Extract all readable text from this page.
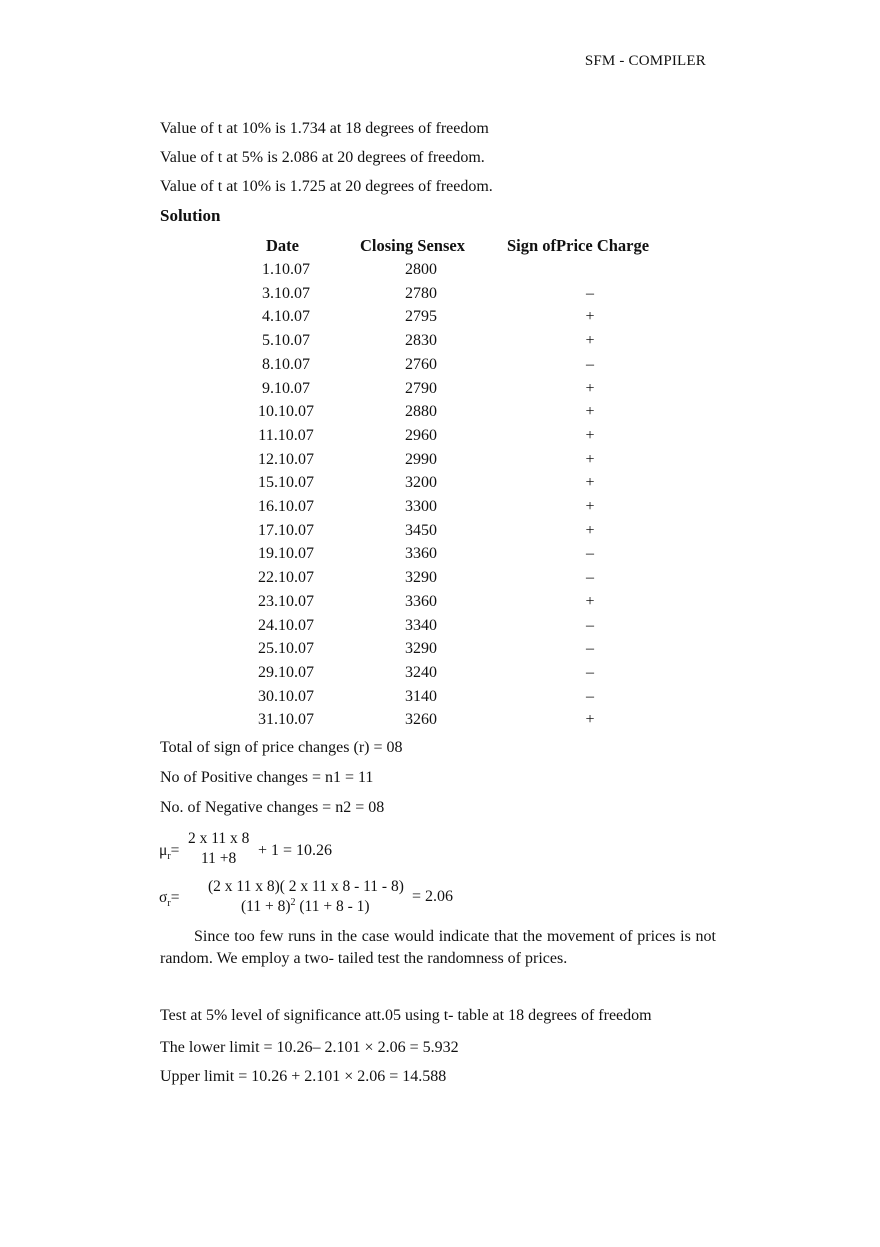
SFM - COMPILER
Value of t at 10% is 1.734 at 18 degrees of freedom
Value of t at 5% is 2.086 at 20 degrees of freedom.
Value of t at 10% is 1.725 at 20 degrees of freedom.
Solution
Date	Closing Sensex	Sign ofPrice Charge
1.10.07	2800
3.10.07	2780	–
4.10.07	2795	+
5.10.07	2830	+
8.10.07	2760	–
9.10.07	2790	+
10.10.07	2880	+
11.10.07	2960	+
12.10.07	2990	+
15.10.07	3200	+
16.10.07	3300	+
17.10.07	3450	+
19.10.07	3360	–
22.10.07	3290	–
23.10.07	3360	+
24.10.07	3340	–
25.10.07	3290	–
29.10.07	3240	–
30.10.07	3140	–
31.10.07	3260	+
Total of sign of price changes (r) = 08
No of Positive changes = n1 = 11
No. of Negative changes = n2 = 08
$\mu_r=$
2 x 11 x 8
11 +8 + 1 = 10.26
$\sigma_r=$
(2 x 11 x 8)( 2 x 11 x 8 - 11 - 8)
$(11 + 8)^2$ (11 + 8 - 1)
= 2.06
Since too few runs in the case would indicate that the movement of prices is not random. We employ a two- tailed test the randomness of prices.
Test at 5% level of significance att.05 using t- table at 18 degrees of freedom
The lower limit = 10.26– 2.101 × 2.06 = 5.932
Upper limit = 10.26 + 2.101 × 2.06 = 14.588
